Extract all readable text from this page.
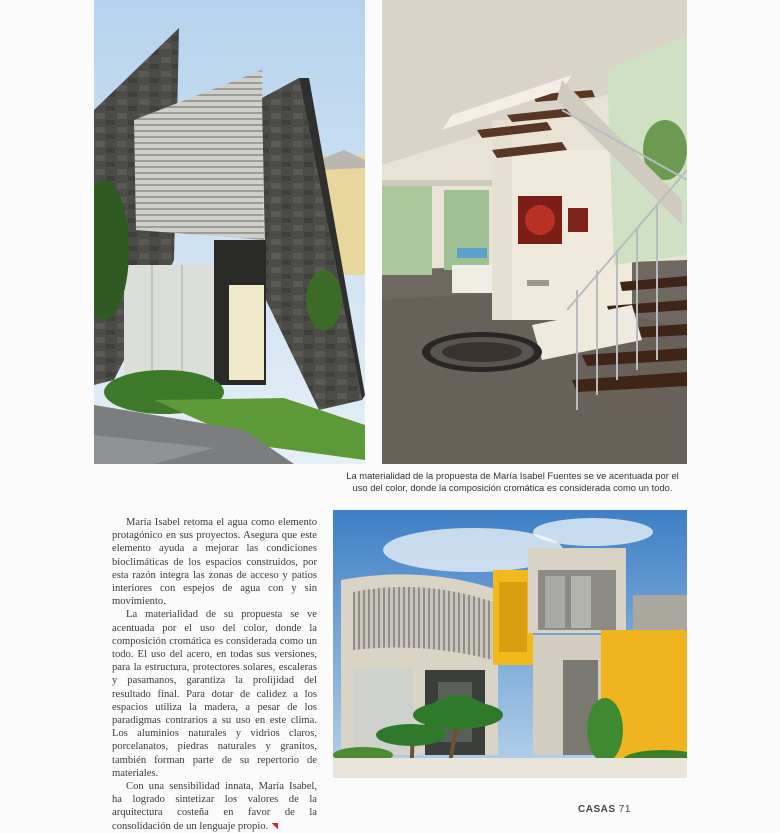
La materialidad de la propuesta de María Isabel Fuentes se ve acentuada por el uso del color, donde la composición cromática es considerada como un todo.

María Isabel retoma el agua como elemento protagónico en sus proyectos. Asegura que este elemento ayuda a mejorar las condiciones bioclimáticas de los espacios construidos, por esta razón integra las zonas de acceso y patios interiores con espejos de agua con y sin movimiento.

La materialidad de su propuesta se ve acentuada por el uso del color, donde la composición cromática es considerada como un todo. El uso del acero, en todas sus versiones, para la estructura, protectores solares, escaleras y pasamanos, garantiza la prolijidad del resultado final. Para dotar de calidez a los espacios utiliza la madera, a pesar de los paradigmas contrarios a su uso en este clima. Los aluminios naturales y vidrios claros, porcelanatos, piedras naturales y granitos, también forman parte de su repertorio de materiales.

Con una sensibilidad innata, María Isabel, ha logrado sintetizar los valores de la arquitectura costeña en favor de la consolidación de un lenguaje propio.

CASAS 71
